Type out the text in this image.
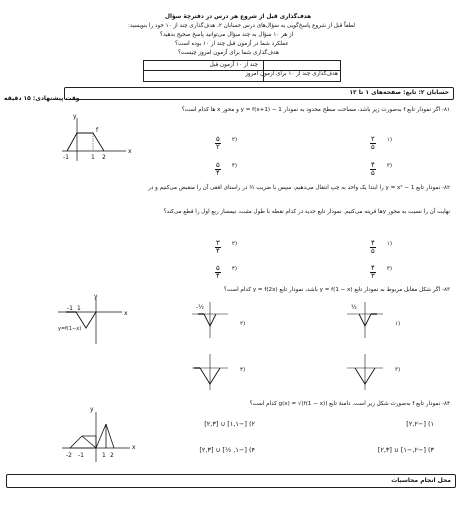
هدف‌گذاری قبل از شروع هر درس در دفترچهٔ سؤال
لطفاً قبل از شروع پاسخ‌گویی به سؤال‌های درس حسابان ۲، هدف‌گذاری چند از ۱۰ خود را بنویسید:
از هر ۱۰ سؤال به چند سؤال می‌توانید پاسخ صحیح بدهید؟
عملکرد شما در آزمون قبل چند از ۱۰ بوده است؟
هدف‌گذاری شما برای آزمون امروز چیست؟
چند از ۱۰ آزمون قبل
هدف‌گذاری چند از ۱۰ برای آزمون امروز
حسابان ۲: تابع: صفحه‌های ۱ تا ۱۲
وقت پیشنهادی: ۱۵ دقیقه
۸۱- اگر نمودار تابع f به‌صورت زیر باشد، مساحت سطح محدود به نمودار y = f(x+1) − 1 و محور x ها کدام است؟
y
x
f
-1	1 2
$\frac{۲}{۵}$ ۱)
$\frac{۵}{۲}$ ۲)
$\frac{۴}{۵}$ ۳)
$\frac{۵}{۴}$ ۴)
۸۲- نمودار تابع y = x² − 1 را ابتدا یک واحد به چپ انتقال می‌دهیم، سپس با ضریب ½ در راستای افقی آن را منقبض می‌کنیم و در
نهایت آن را نسبت به محور yها قرینه می‌کنیم. نمودار تابع جدید در کدام نقطه با طول مثبت، نیمساز ربع اول را قطع می‌کند؟
$\frac{۴}{۵}$ ۱)
$\frac{۳}{۴}$ ۲)
$\frac{۴}{۳}$ ۳)
$\frac{۵}{۴}$ ۴)
۸۳- اگر شکل مقابل مربوط به نمودار تابع y = f(1 − x) باشد، نمودار تابع y = f(2x) کدام است؟
y
x
-1 1
y=f(1−x)
۱)
½
۲)
-½
۳)
۴)
۸۴- نمودار تابع f به‌صورت شکل زیر است. دامنهٔ تابع g(x) = √(f(1 − x)) کدام است؟
y
x
-2 -1	1 2
۱) [−۲,۲]
۲) [−۱,۱] ∪ [۲,۳]
۳) [−۲,−۱] ∪ [۲,۳]
۴) [−۱, ½] ∪ [۲,۳]
محل انجام محاسبات
